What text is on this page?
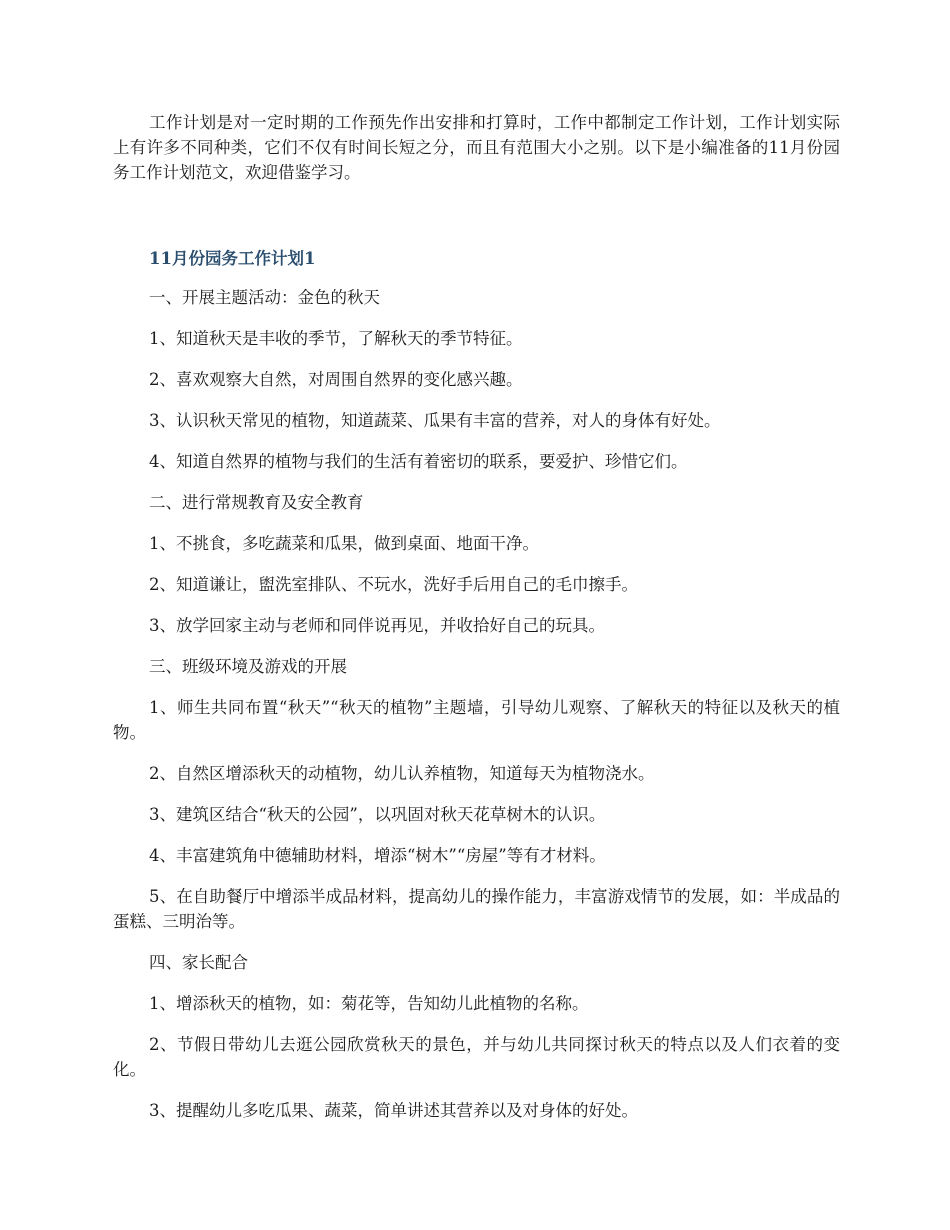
工作计划是对一定时期的工作预先作出安排和打算时，工作中都制定工作计划，工作计划实际上有许多不同种类，它们不仅有时间长短之分，而且有范围大小之别。以下是小编准备的11月份园务工作计划范文，欢迎借鉴学习。

11月份园务工作计划1

一、开展主题活动：金色的秋天

1、知道秋天是丰收的季节，了解秋天的季节特征。

2、喜欢观察大自然，对周围自然界的变化感兴趣。

3、认识秋天常见的植物，知道蔬菜、瓜果有丰富的营养，对人的身体有好处。

4、知道自然界的植物与我们的生活有着密切的联系，要爱护、珍惜它们。

二、进行常规教育及安全教育

1、不挑食，多吃蔬菜和瓜果，做到桌面、地面干净。

2、知道谦让，盥洗室排队、不玩水，洗好手后用自己的毛巾擦手。

3、放学回家主动与老师和同伴说再见，并收拾好自己的玩具。

三、班级环境及游戏的开展

1、师生共同布置“秋天”“秋天的植物”主题墙，引导幼儿观察、了解秋天的特征以及秋天的植物。

2、自然区增添秋天的动植物，幼儿认养植物，知道每天为植物浇水。

3、建筑区结合“秋天的公园”，以巩固对秋天花草树木的认识。

4、丰富建筑角中德辅助材料，增添“树木”“房屋”等有才材料。

5、在自助餐厅中增添半成品材料，提高幼儿的操作能力，丰富游戏情节的发展，如：半成品的蛋糕、三明治等。

四、家长配合

1、增添秋天的植物，如：菊花等，告知幼儿此植物的名称。

2、节假日带幼儿去逛公园欣赏秋天的景色，并与幼儿共同探讨秋天的特点以及人们衣着的变化。

3、提醒幼儿多吃瓜果、蔬菜，简单讲述其营养以及对身体的好处。
